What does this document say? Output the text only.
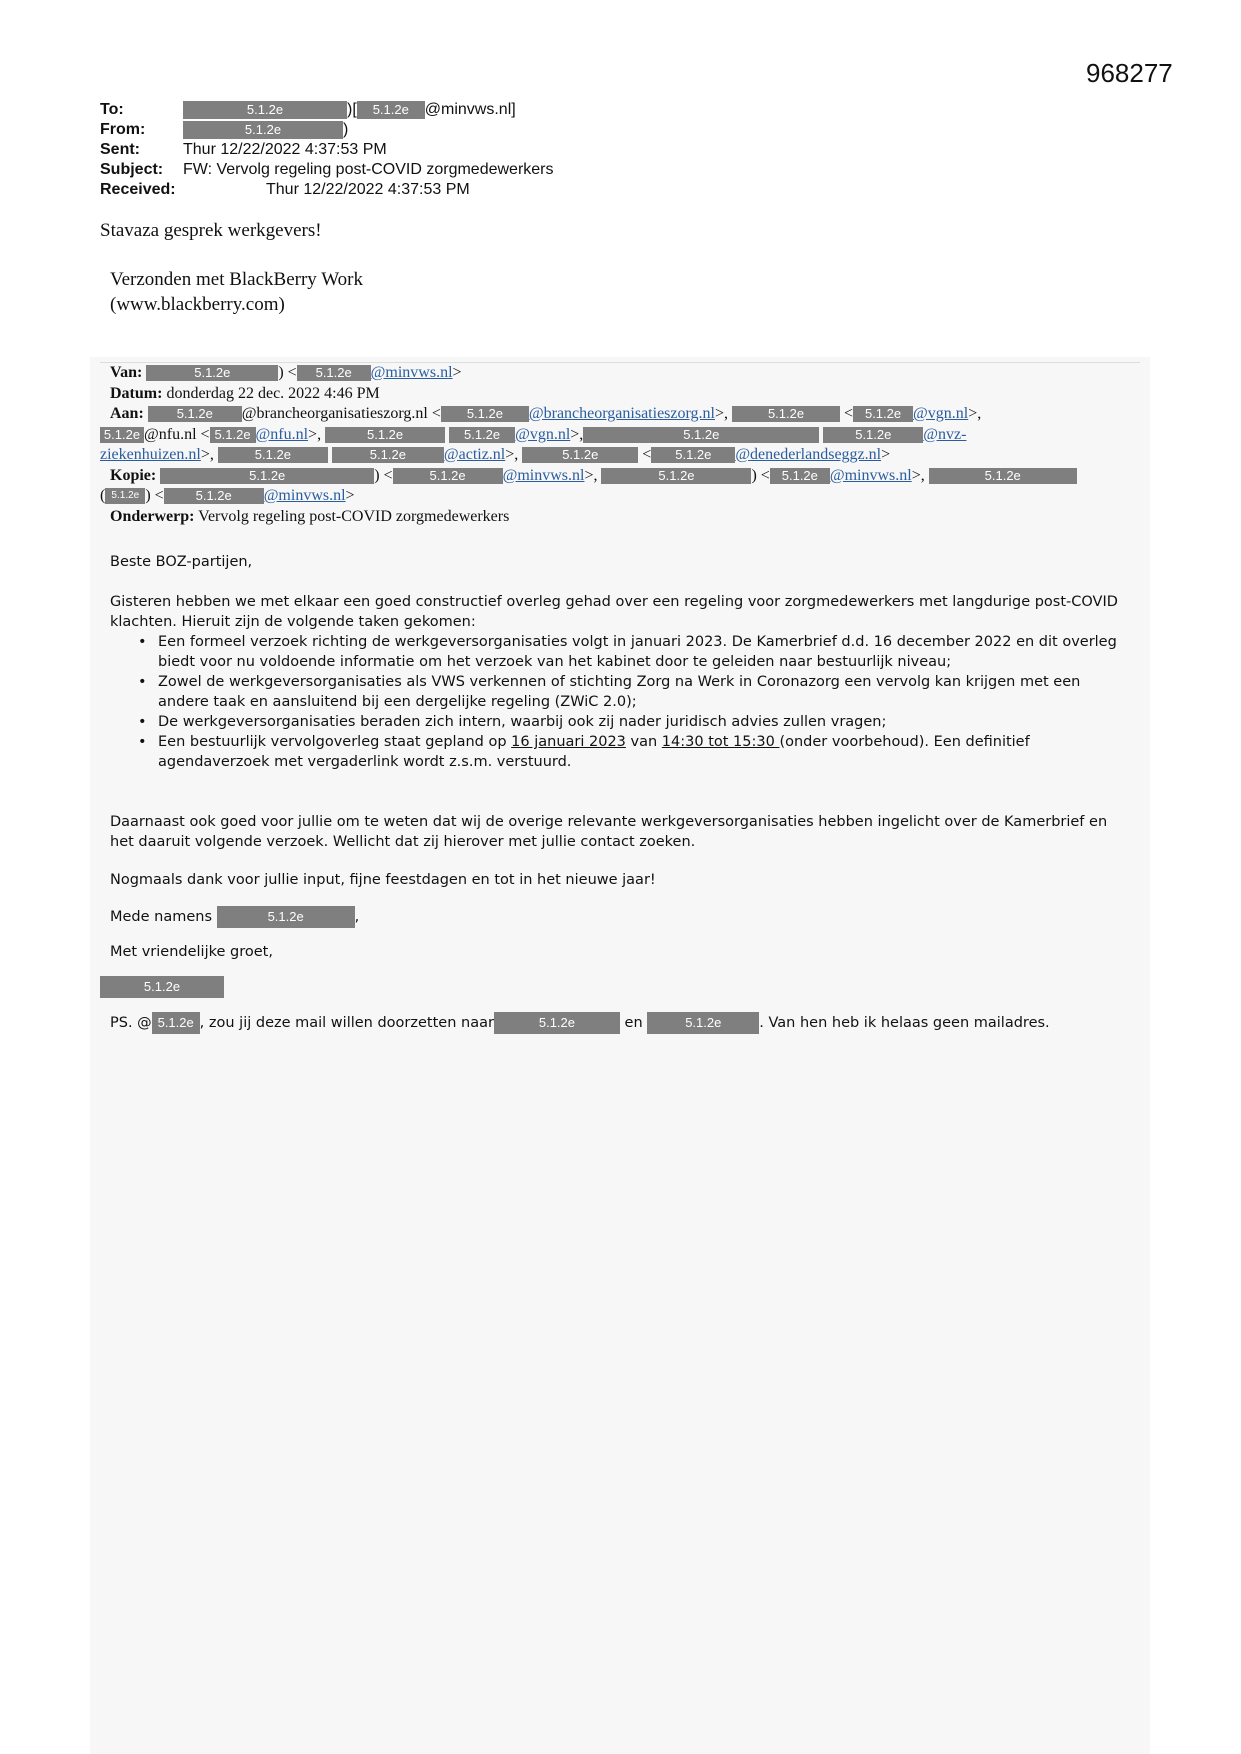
968277
To:	5.1.2e	)[ 5.1.2e @minvws.nl]
From:	5.1.2e	)
Sent:	Thur 12/22/2022 4:37:53 PM
Subject: FW: Vervolg regeling post-COVID zorgmedewerkers
Received:	Thur 12/22/2022 4:37:53 PM
Stavaza gesprek werkgevers!
Verzonden met BlackBerry Work
(www.blackberry.com)
Van:	5.1.2e	) < 5.1.2e @minvws.nl>
Datum: donderdag 22 dec. 2022 4:46 PM
Aan:	5.1.2e @brancheorganisatieszorg.nl < 5.1.2e @brancheorganisatieszorg.nl>,	5.1.2e < 5.1.2e @vgn.nl>,
5.1.2e @nfu.nl < 5.1.2e @nfu.nl>,	5.1.2e	5.1.2e @vgn.nl>,	5.1.2e	5.1.2e @nvz-
ziekenhuizen.nl>,	5.1.2e	5.1.2e @actiz.nl>,	5.1.2e < 5.1.2e @denederlandseggz.nl>
Kopie:	5.1.2e	) <	5.1.2e @minvws.nl>,	5.1.2e	) < 5.1.2e @minvws.nl>,	5.1.2e
( 5.1.2e ) < 5.1.2e @minvws.nl>
Onderwerp: Vervolg regeling post-COVID zorgmedewerkers

Beste BOZ-partijen,

Gisteren hebben we met elkaar een goed constructief overleg gehad over een regeling voor zorgmedewerkers met langdurige post-COVID klachten. Hieruit zijn de volgende taken gekomen:

• Een formeel verzoek richting de werkgeversorganisaties volgt in januari 2023. De Kamerbrief d.d. 16 december 2022 en dit overleg biedt voor nu voldoende informatie om het verzoek van het kabinet door te geleiden naar bestuurlijk niveau;
• Zowel de werkgeversorganisaties als VWS verkennen of stichting Zorg na Werk in Coronazorg een vervolg kan krijgen met een andere taak en aansluitend bij een dergelijke regeling (ZWiC 2.0);
• De werkgeversorganisaties beraden zich intern, waarbij ook zij nader juridisch advies zullen vragen;
• Een bestuurlijk vervolgoverleg staat gepland op 16 januari 2023 van 14:30 tot 15:30 (onder voorbehoud). Een definitief agendaverzoek met vergaderlink wordt z.s.m. verstuurd.

Daarnaast ook goed voor jullie om te weten dat wij de overige relevante werkgeversorganisaties hebben ingelicht over de Kamerbrief en het daaruit volgende verzoek. Wellicht dat zij hierover met jullie contact zoeken.

Nogmaals dank voor jullie input, fijne feestdagen en tot in het nieuwe jaar!

Mede namens	5.1.2e	,

Met vriendelijke groet,

5.1.2e

PS. @ 5.1.2e , zou jij deze mail willen doorzetten naar	5.1.2e	en	5.1.2e	. Van hen heb ik helaas geen mailadres.
